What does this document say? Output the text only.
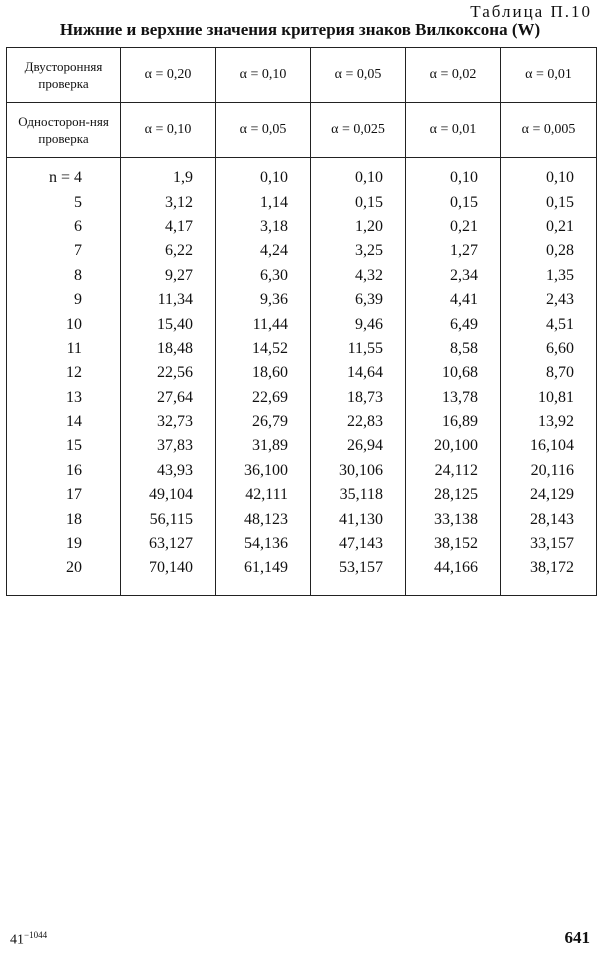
Таблица П.10
Нижние и верхние значения критерия знаков Вилкоксона (W)
Двусторонняя проверка	α = 0,20	α = 0,10	α = 0,05	α = 0,02	α = 0,01
Односторон-няя проверка	α = 0,10	α = 0,05	α = 0,025	α = 0,01	α = 0,005

n = 4	1,9	0,10	0,10	0,10	0,10
5	3,12	1,14	0,15	0,15	0,15
6	4,17	3,18	1,20	0,21	0,21
7	6,22	4,24	3,25	1,27	0,28
8	9,27	6,30	4,32	2,34	1,35
9	11,34	9,36	6,39	4,41	2,43
10	15,40	11,44	9,46	6,49	4,51
11	18,48	14,52	11,55	8,58	6,60
12	22,56	18,60	14,64	10,68	8,70
13	27,64	22,69	18,73	13,78	10,81
14	32,73	26,79	22,83	16,89	13,92
15	37,83	31,89	26,94	20,100	16,104
16	43,93	36,100	30,106	24,112	20,116
17	49,104	42,111	35,118	28,125	24,129
18	56,115	48,123	41,130	33,138	28,143
19	63,127	54,136	47,143	38,152	33,157
20	70,140	61,149	53,157	44,166	38,172

$41^{-1044}$	641
